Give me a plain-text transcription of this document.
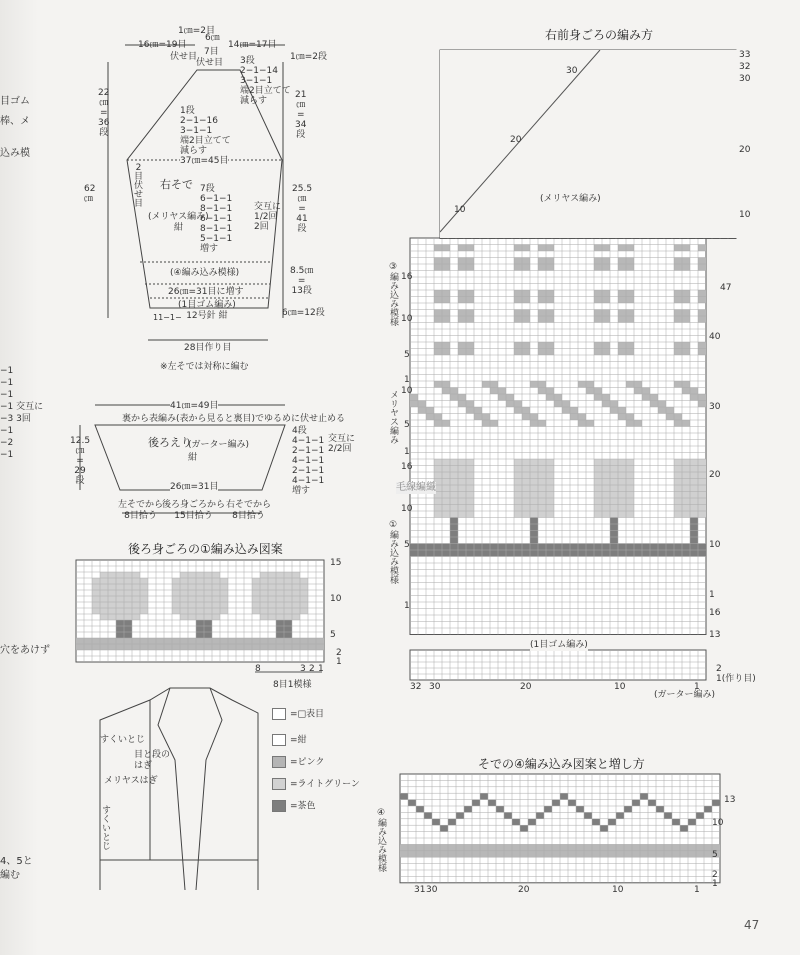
目ゴム
棒、メ
込み模
−1
−1
−1
−1 交互に
−3 3回
−1
−2
−1
穴をあけず
4、5と
編む
1㎝=2目
16㎝=19目
6㎝
14㎝=17目
7目
伏せ目
伏せ目
1㎝=2段
3段
2−1−14
3−1−1
端2目立てて
減らす
1段
2−1−16
3−1−1
端2目立てて
減らす
22
㎝
=
36
段
62
㎝
21
㎝
=
34
段
37㎝=45目
2
目
伏
せ
目
右そで
(メリヤス編み)
紺
7段
6−1−1
8−1−1
6−1−1
8−1−1
5−1−1
増す
交互に
1/2回
2回
25.5
㎝
=
41
段
(④編み込み模様)	8.5㎝
=
13段
26㎝=31目に増す
(1目ゴム編み)
12号針 紺
11−1−	6㎝=12段
28目作り目
※左そでは対称に編む
41㎝=49目
裏から表編み(表から見ると裏目)でゆるめに伏せ止める
後ろえり
(ガーター編み)
紺
12.5
㎝
=
29
段
4段
4−1−1
2−1−1
4−1−1
2−1−1
4−1−1
増す
交互に
2/2回
26㎝=31目
左そでから
8目拾う
後ろ身ごろから
15目拾う
右そでから
8目拾う
後ろ身ごろの①編み込み図案
15
10
5
2
1
8	3 2 1
8目1模様
=□表目
=紺
=ピンク
=ライトグリーン
=茶色
すくいとじ
目と段の
はぎ
メリヤスはぎ
すくいとじ
右前身ごろの編み方
(メリヤス編み)
33
32
30
20
10
30
20
10
47
40
30
20
16
13
10
1
16
10
5
1
10
5
1
16
10
5
1
③編み込み模様
メリヤス編み
①編み込み模様
(1目ゴム編み)
(ガーター編み)
32 30	20	10	1
2
1(作り目)
そでの④編み込み図案と増し方
④編み込み模様
13
10
5
2
1
31 30	20	10	1
毛線編織
47
